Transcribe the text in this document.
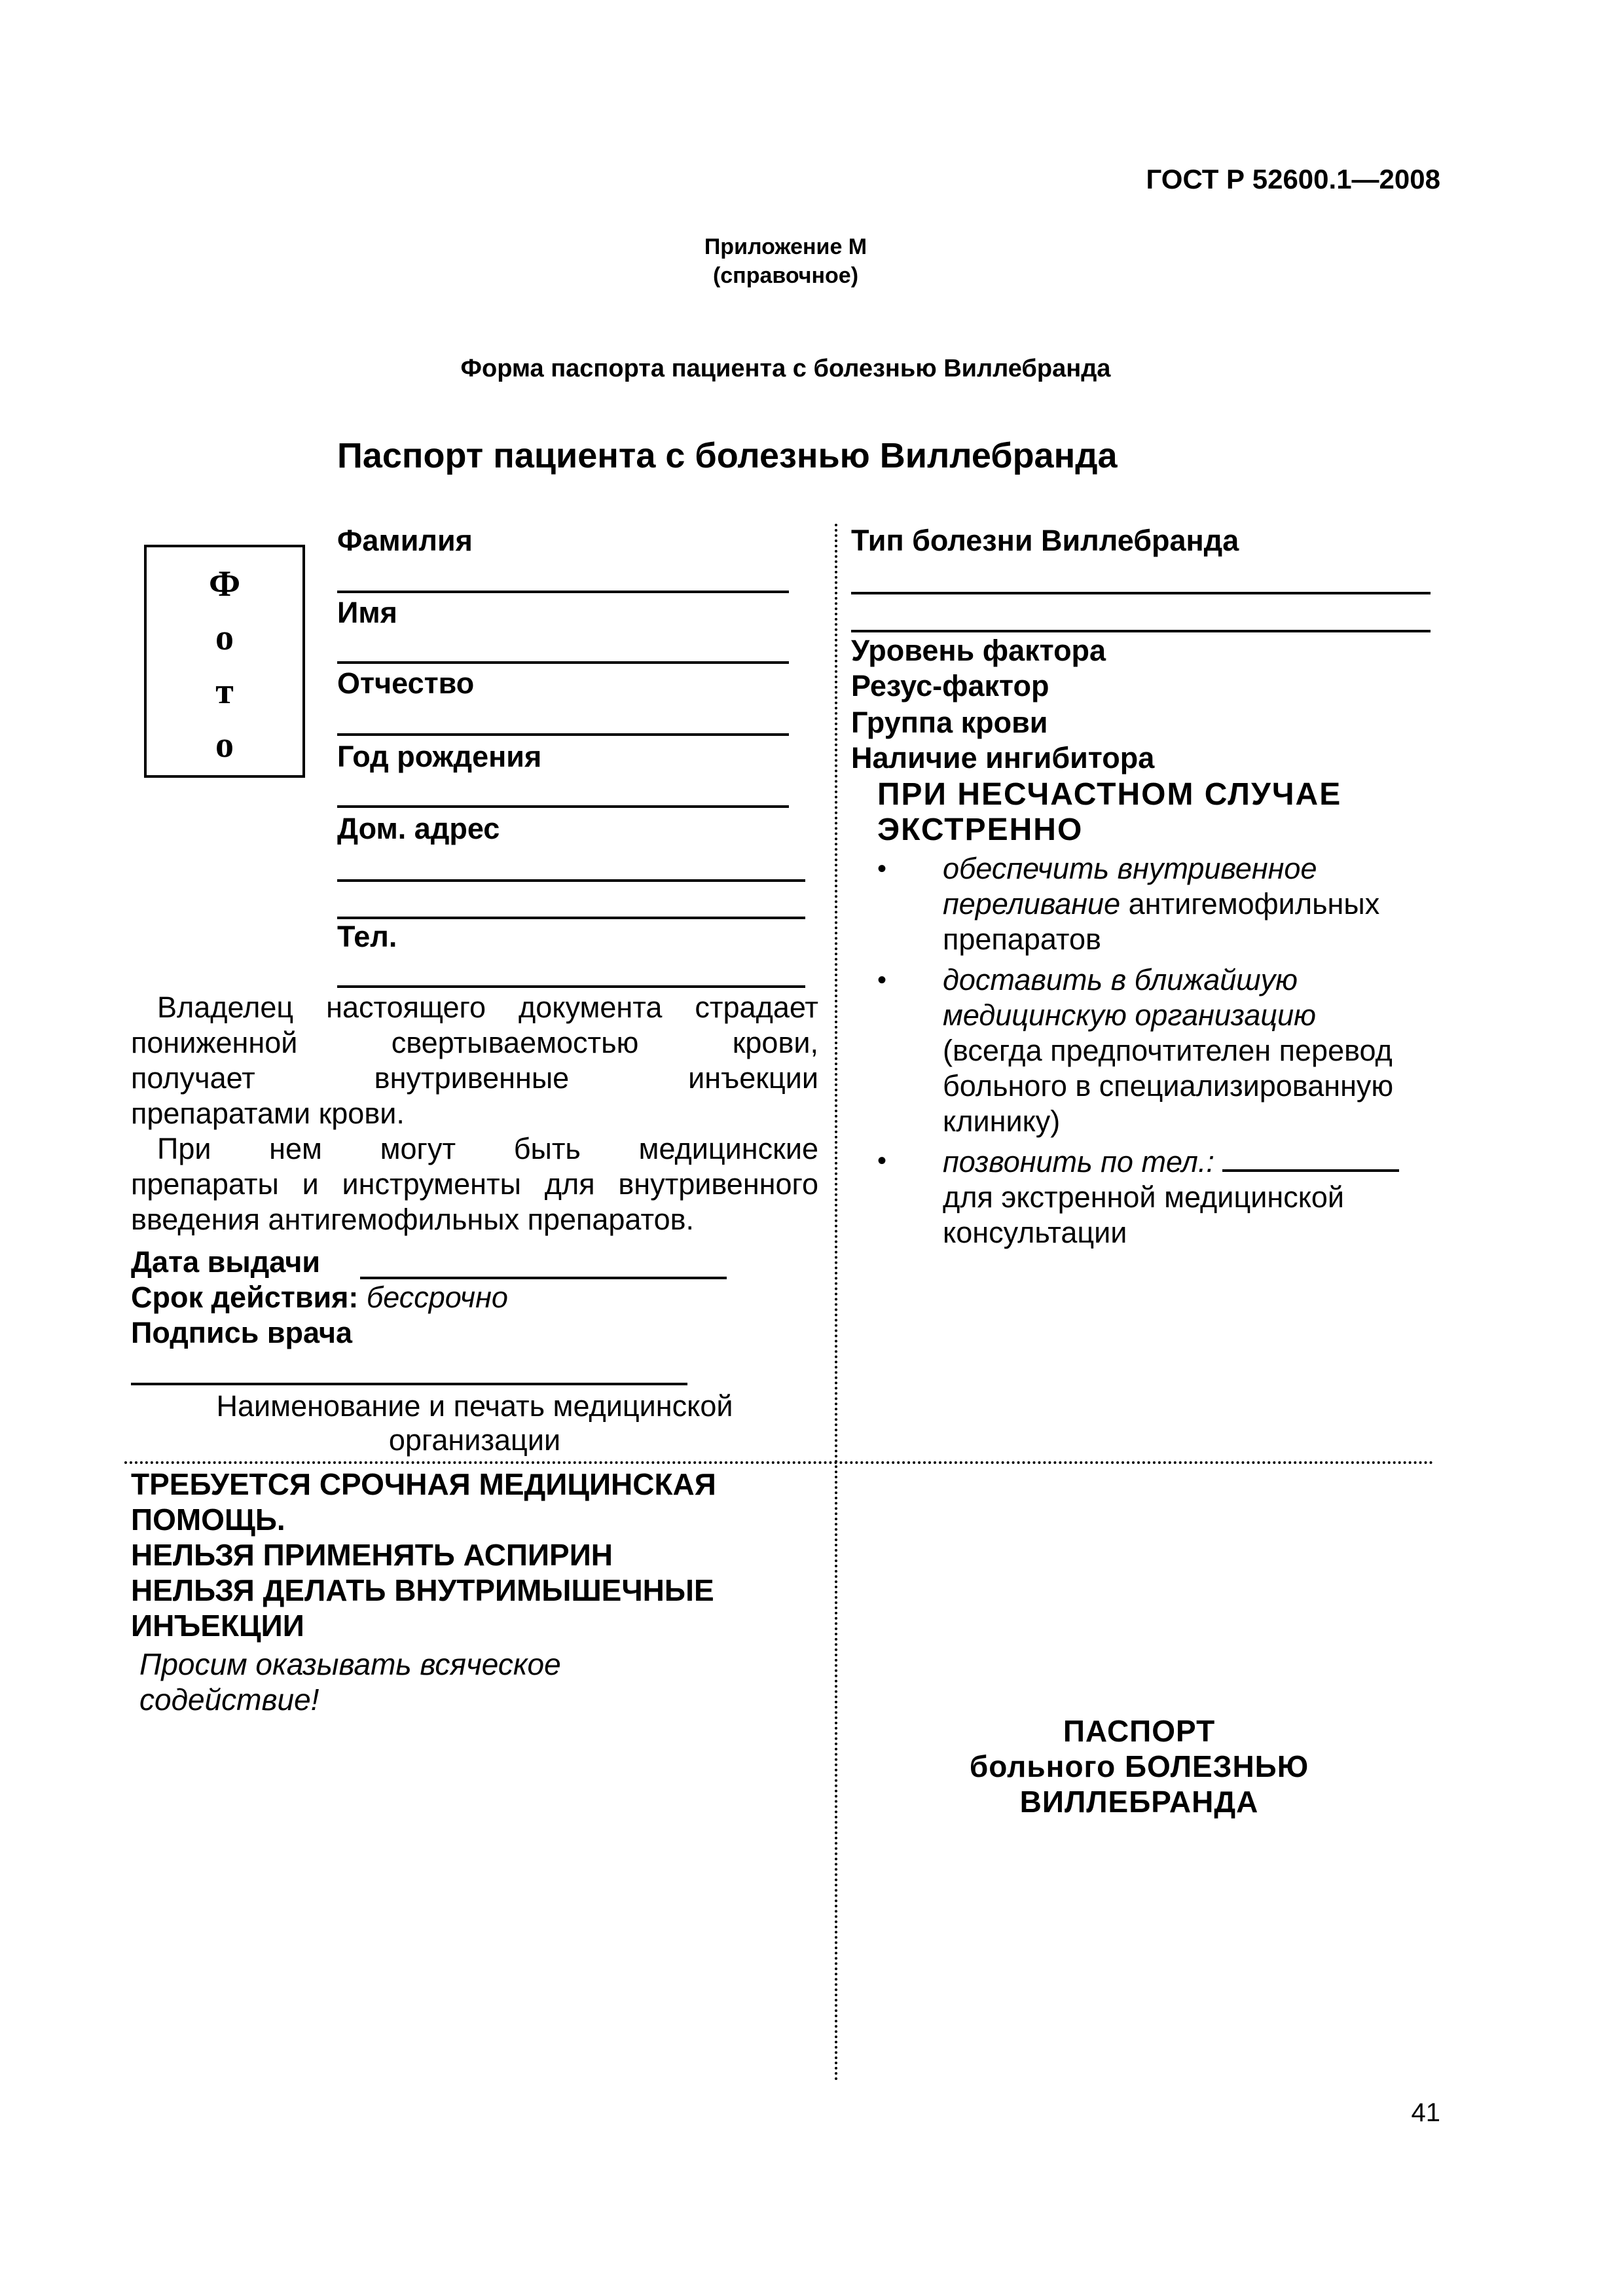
ГОСТ Р 52600.1—2008
Приложение М
(справочное)
Форма паспорта пациента с болезнью Виллебранда
Паспорт пациента с болезнью Виллебранда
Ф
о
т
о
Фамилия
Имя
Отчество
Год рождения
Дом. адрес
Тел.
Владелец настоящего документа страдает
пониженной свертываемостью крови,
получает внутривенные инъекции
препаратами крови.
При нем могут быть медицинские
препараты и инструменты для внутривенного
введения антигемофильных препаратов.
Дата выдачи
Срок действия: бессрочно
Подпись врача
Наименование и печать медицинской
организации
Тип болезни Виллебранда
Уровень фактора
Резус-фактор
Группа крови
Наличие ингибитора
ПРИ НЕСЧАСТНОМ СЛУЧАЕ
ЭКСТРЕННО
• обеспечить внутривенное
переливание антигемофильных
препаратов
• доставить в ближайшую
медицинскую организацию
(всегда предпочтителен перевод
больного в специализированную
клинику)
• позвонить по тел.:
для экстренной медицинской
консультации
ТРЕБУЕТСЯ СРОЧНАЯ МЕДИЦИНСКАЯ
ПОМОЩЬ.
НЕЛЬЗЯ ПРИМЕНЯТЬ АСПИРИН
НЕЛЬЗЯ ДЕЛАТЬ ВНУТРИМЫШЕЧНЫЕ
ИНЪЕКЦИИ
Просим оказывать всяческое
содействие!
ПАСПОРТ
больного БОЛЕЗНЬЮ
ВИЛЛЕБРАНДА
41
